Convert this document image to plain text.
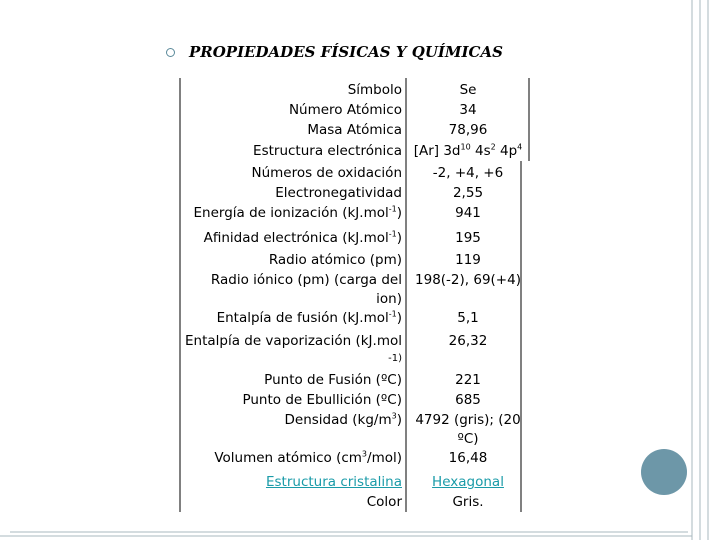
PROPIEDADES FÍSICAS Y QUÍMICAS
Símbolo
Número Atómico
Masa Atómica
Estructura electrónica
Números de oxidación
Electronegatividad
Energía de ionización (kJ.mol$^{-1}$)
Afinidad electrónica (kJ.mol$^{-1}$)
Radio atómico (pm)
Radio iónico (pm) (carga del
ion)
Entalpía de fusión (kJ.mol$^{-1}$)
Entalpía de vaporización (kJ.mol
-1)
Punto de Fusión (ºC)
Punto de Ebullición (ºC)
Densidad $(kg/m^3)$
Volumen atómico $(cm^3/mol)$
Estructura cristalina
Color
Se
34
78,96
[Ar] $3d^{10}$ $4s^2$ $4p^4$
-2, +4, +6
2,55
941
195
119
198(-2), 69(+4)
5,1
26,32
221
685
4792 (gris); (20
ºC)
16,48
Hexagonal
Gris.
